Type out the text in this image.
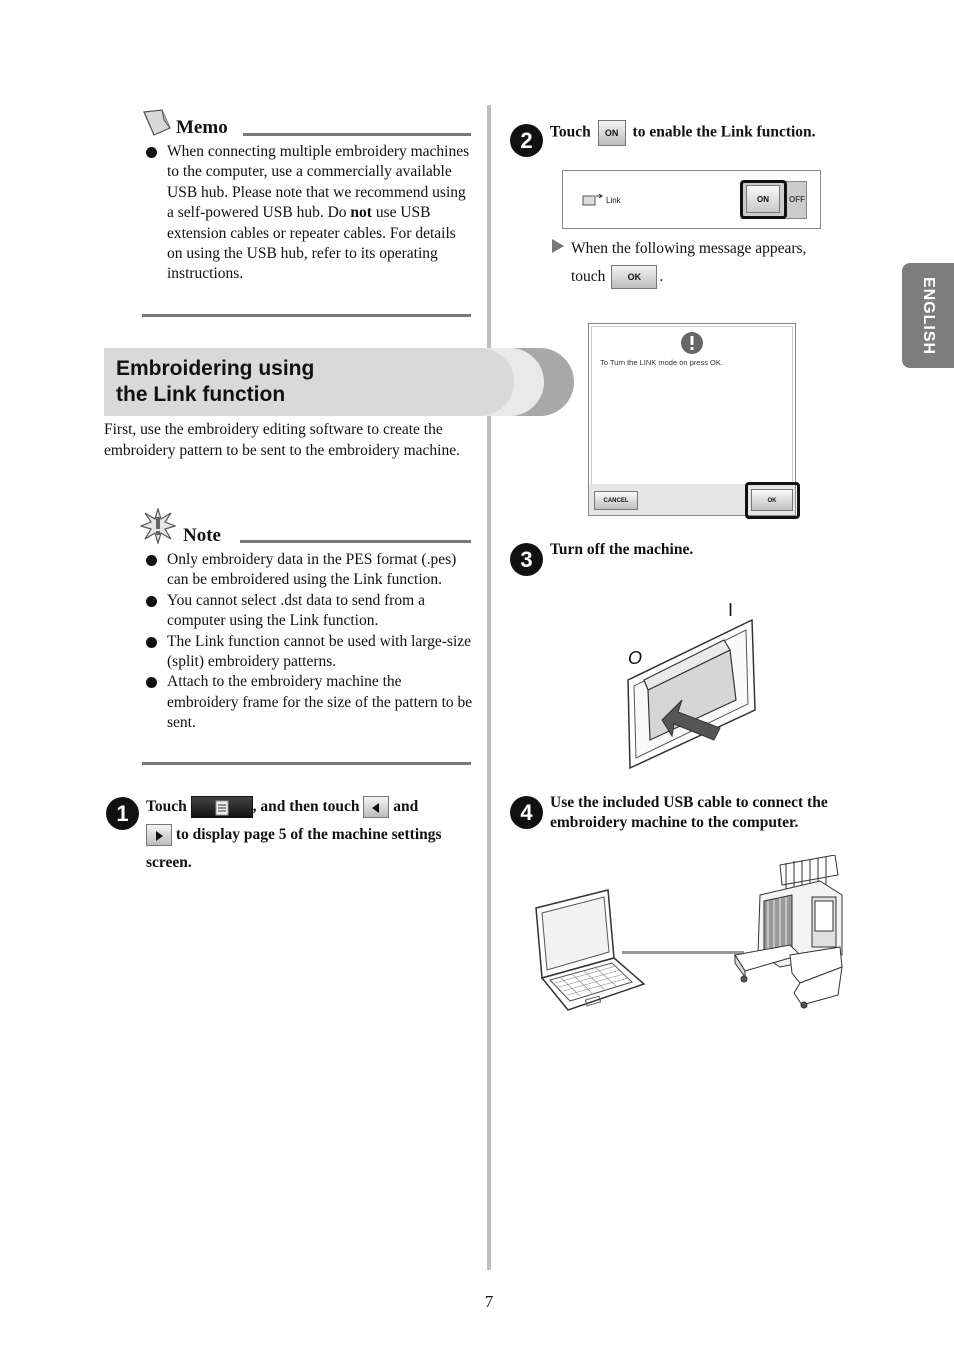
ENGLISH
Memo
When connecting multiple embroidery machines to the computer, use a commercially available USB hub. Please note that we recommend using a self-powered USB hub. Do not use USB extension cables or repeater cables. For details on using the USB hub, refer to its operating instructions.
Embroidering using
the Link function
First, use the embroidery editing software to create the embroidery pattern to be sent to the embroidery machine.
Note
Only embroidery data in the PES format (.pes) can be embroidered using the Link function.
You cannot select .dst data to send from a computer using the Link function.
The Link function cannot be used with large-size (split) embroidery patterns.
Attach to the embroidery machine the embroidery frame for the size of the pattern to be sent.
1	Touch	, and then touch and
to display page 5 of the machine settings
screen.
2	Touch ON to enable the Link function.
Link	OFF
ON
When the following message appears,
touch OK .
To Turn the LINK mode on press OK.
CANCEL	OK
3	Turn off the machine.
I
O
4	Use the included USB cable to connect the
embroidery machine to the computer.
7
